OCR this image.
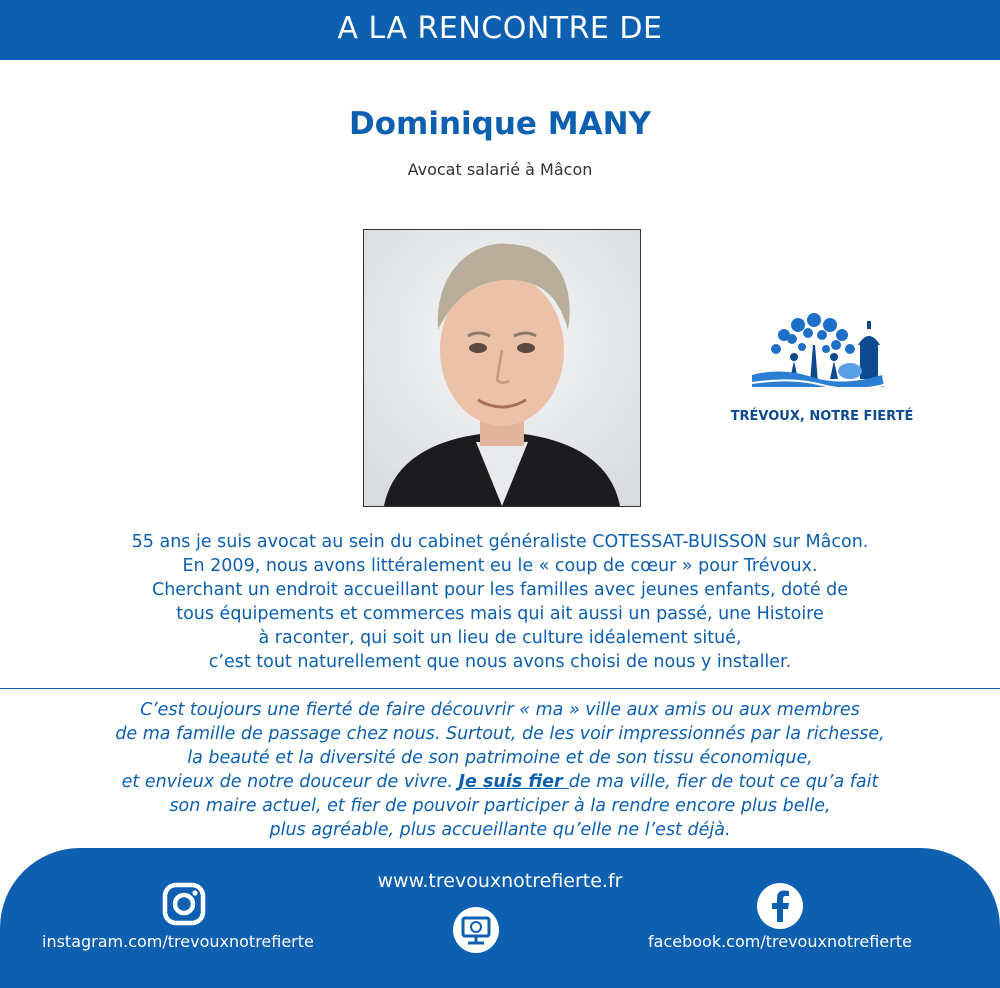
A LA RENCONTRE DE
Dominique MANY
Avocat salarié à Mâcon
TRÉVOUX, NOTRE FIERTÉ
55 ans je suis avocat au sein du cabinet généraliste COTESSAT-BUISSON sur Mâcon.
En 2009, nous avons littéralement eu le « coup de cœur » pour Trévoux.
Cherchant un endroit accueillant pour les familles avec jeunes enfants, doté de
tous équipements et commerces mais qui ait aussi un passé, une Histoire
à raconter, qui soit un lieu de culture idéalement situé,
c’est tout naturellement que nous avons choisi de nous y installer.
C’est toujours une fierté de faire découvrir « ma » ville aux amis ou aux membres
de ma famille de passage chez nous. Surtout, de les voir impressionnés par la richesse,
la beauté et la diversité de son patrimoine et de son tissu économique,
et envieux de notre douceur de vivre. Je suis fier de ma ville, fier de tout ce qu’a fait
son maire actuel, et fier de pouvoir participer à la rendre encore plus belle,
plus agréable, plus accueillante qu’elle ne l’est déjà.
www.trevouxnotrefierte.fr
instagram.com/trevouxnotrefierte	facebook.com/trevouxnotrefierte
